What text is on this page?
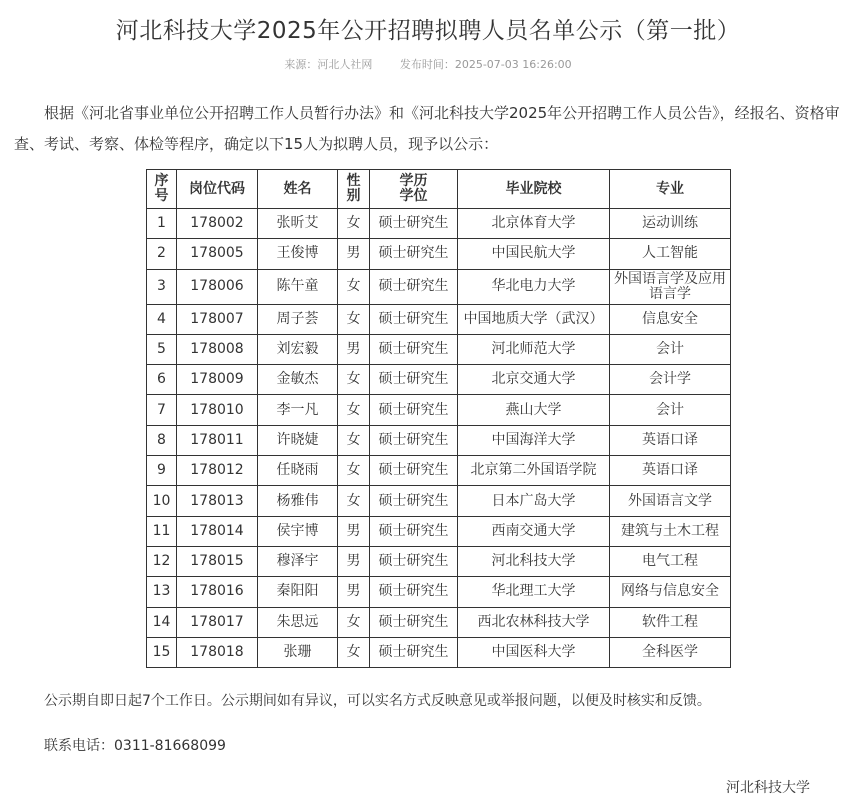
河北科技大学2025年公开招聘拟聘人员名单公示（第一批）
来源：河北人社网	发布时间：2025-07-03 16:26:00

根据《河北省事业单位公开招聘工作人员暂行办法》和《河北科技大学2025年公开招聘工作人员公告》，经报名、资格审查、考试、考察、体检等程序，确定以下15人为拟聘人员，现予以公示：

序号	岗位代码	姓名	性别	学历学位	毕业院校	专业
1	178002	张昕艾	女	硕士研究生	北京体育大学	运动训练
2	178005	王俊博	男	硕士研究生	中国民航大学	人工智能
3	178006	陈午童	女	硕士研究生	华北电力大学	外国语言学及应用语言学
4	178007	周子荟	女	硕士研究生	中国地质大学（武汉）	信息安全
5	178008	刘宏毅	男	硕士研究生	河北师范大学	会计
6	178009	金敏杰	女	硕士研究生	北京交通大学	会计学
7	178010	李一凡	女	硕士研究生	燕山大学	会计
8	178011	许晓婕	女	硕士研究生	中国海洋大学	英语口译
9	178012	任晓雨	女	硕士研究生	北京第二外国语学院	英语口译
10	178013	杨雅伟	女	硕士研究生	日本广岛大学	外国语言文学
11	178014	侯宇博	男	硕士研究生	西南交通大学	建筑与土木工程
12	178015	穆泽宇	男	硕士研究生	河北科技大学	电气工程
13	178016	秦阳阳	男	硕士研究生	华北理工大学	网络与信息安全
14	178017	朱思远	女	硕士研究生	西北农林科技大学	软件工程
15	178018	张珊	女	硕士研究生	中国医科大学	全科医学

公示期自即日起7个工作日。公示期间如有异议，可以实名方式反映意见或举报问题，以便及时核实和反馈。

联系电话：0311-81668099

河北科技大学
